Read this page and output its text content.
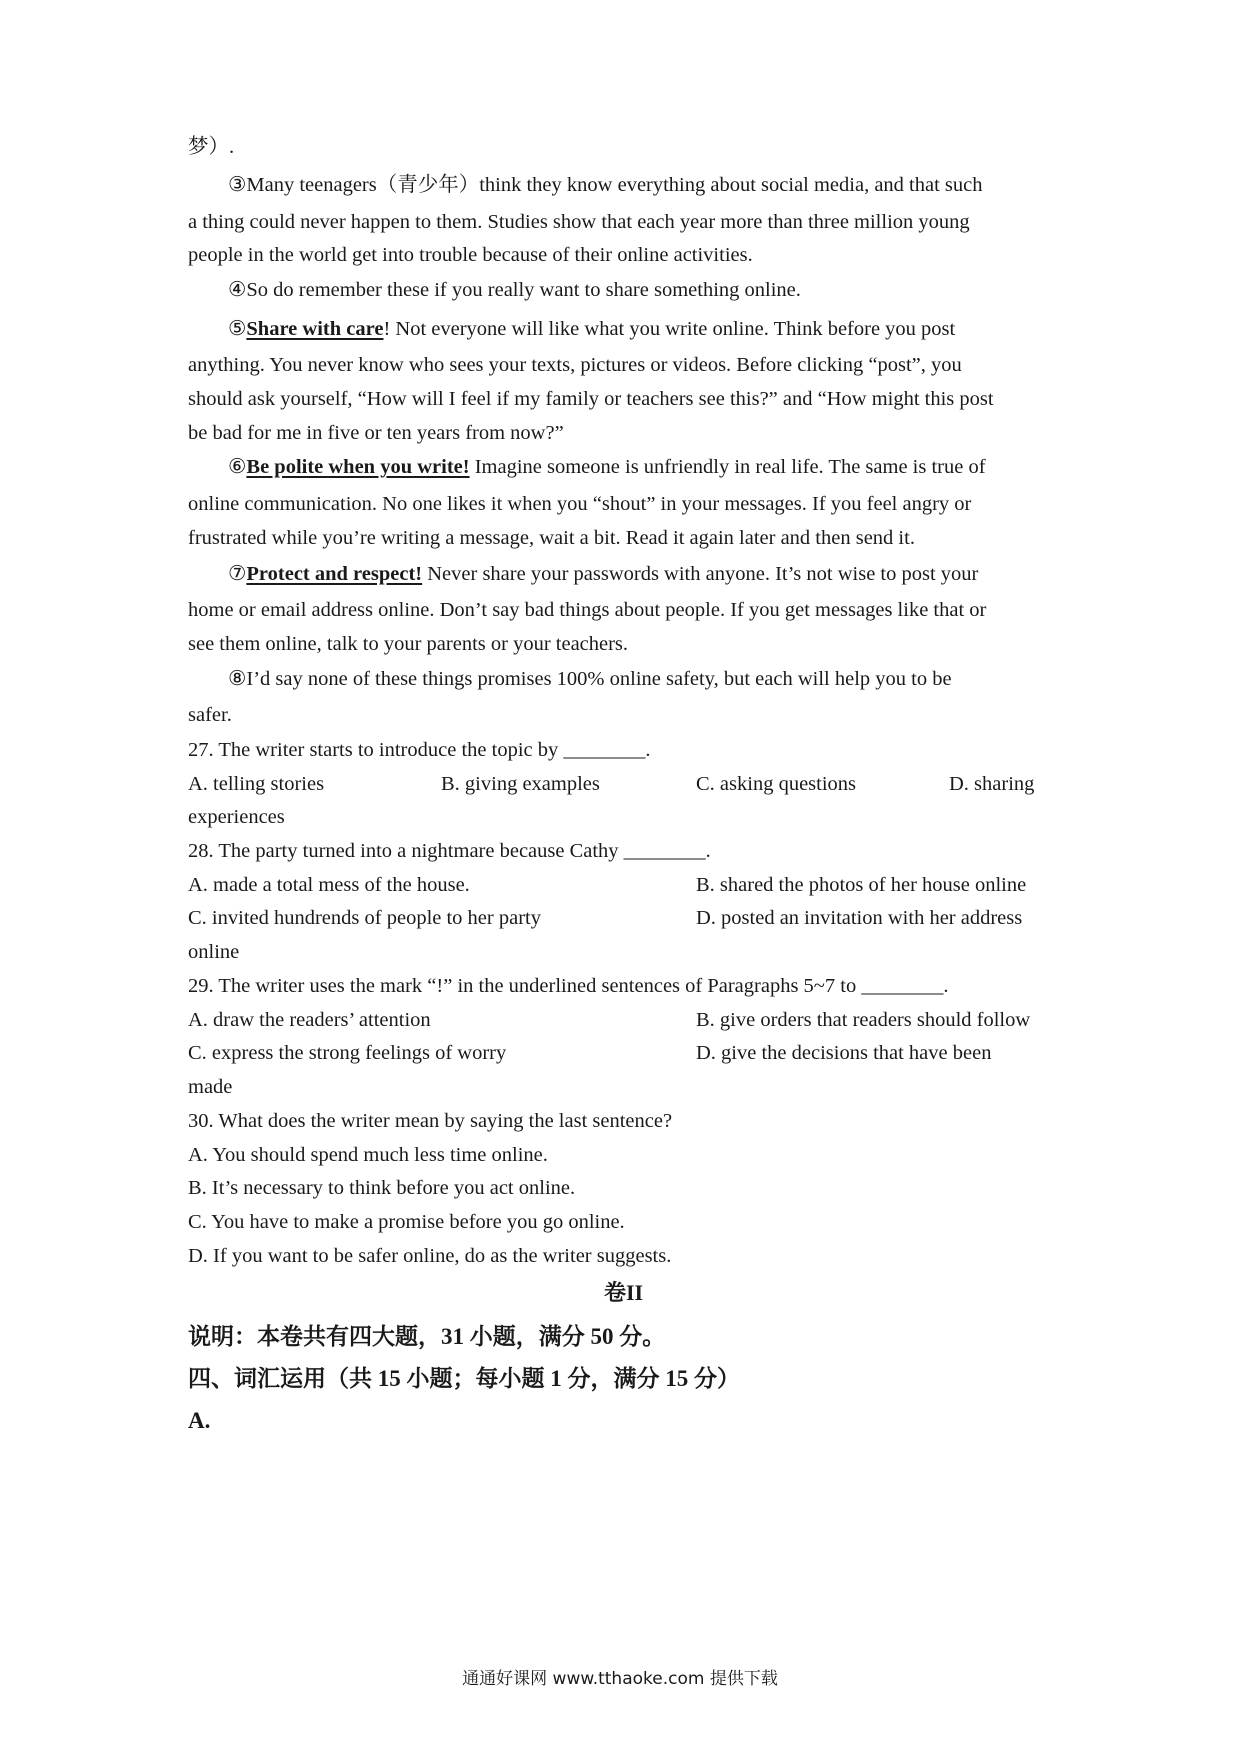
梦）.
③Many teenagers（青少年）think they know everything about social media, and that such
a thing could never happen to them. Studies show that each year more than three million young
people in the world get into trouble because of their online activities.
④So do remember these if you really want to share something online.
⑤Share with care! Not everyone will like what you write online. Think before you post
anything. You never know who sees your texts, pictures or videos. Before clicking “post”, you
should ask yourself, “How will I feel if my family or teachers see this?” and “How might this post
be bad for me in five or ten years from now?”
⑥Be polite when you write! Imagine someone is unfriendly in real life. The same is true of
online communication. No one likes it when you “shout” in your messages. If you feel angry or
frustrated while you’re writing a message, wait a bit. Read it again later and then send it.
⑦Protect and respect! Never share your passwords with anyone. It’s not wise to post your
home or email address online. Don’t say bad things about people. If you get messages like that or
see them online, talk to your parents or your teachers.
⑧I’d say none of these things promises 100% online safety, but each will help you to be
safer.
27. The writer starts to introduce the topic by ________.
A. telling stories	B. giving examples	C. asking questions	D. sharing
experiences
28. The party turned into a nightmare because Cathy ________.
A. made a total mess of the house.	B. shared the photos of her house online
C. invited hundrends of people to her party	D. posted an invitation with her address
online
29. The writer uses the mark “!” in the underlined sentences of Paragraphs 5~7 to ________.
A. draw the readers’ attention	B. give orders that readers should follow
C. express the strong feelings of worry	D. give the decisions that have been
made
30. What does the writer mean by saying the last sentence?
A. You should spend much less time online.
B. It’s necessary to think before you act online.
C. You have to make a promise before you go online.
D. If you want to be safer online, do as the writer suggests.
卷II
说明：本卷共有四大题，31 小题，满分 50 分。
四、词汇运用（共 15 小题；每小题 1 分，满分 15 分）
A.
通通好课网 www.tthaoke.com 提供下载
